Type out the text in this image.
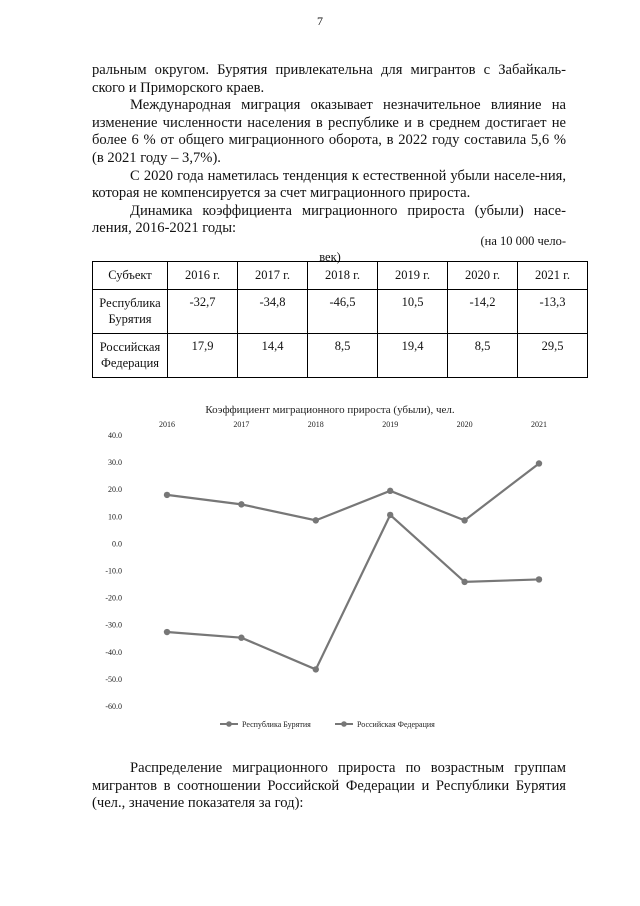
7

рaльным округом. Бурятия привлекательна для мигрантов с Забайкаль-ского и Приморского краев.

Международная миграция оказывает незначительное влияние на изменение численности населения в республике и в среднем достигает не более 6 % от общего миграционного оборота, в 2022 году составила 5,6 % (в 2021 году – 3,7%).

С 2020 года наметилась тенденция к естественной убыли населе-ния, которая не компенсируется за счет миграционного прироста.

Динамика коэффициента миграционного прироста (убыли) насе-ления, 2016-2021 годы:

(на 10 000 чело-
век)
Субъект	2016 г.	2017 г.	2018 г.	2019 г.	2020 г.	2021 г.
Республика Бурятия	-32,7	-34,8	-46,5	10,5	-14,2	-13,3
Российская Федерация	17,9	14,4	8,5	19,4	8,5	29,5
Коэффициент миграционного прироста (убыли), чел.
2016	2017	2018	2019	2020	2021
40.0
30.0
20.0
10.0
0.0
-10.0
-20.0
-30.0
-40.0
-50.0
-60.0
Республика Бурятия	Российская Федерация

Распределение миграционного прироста по возрастным группам мигрантов в соотношении Российской Федерации и Республики Бурятия (чел., значение показателя за год):
